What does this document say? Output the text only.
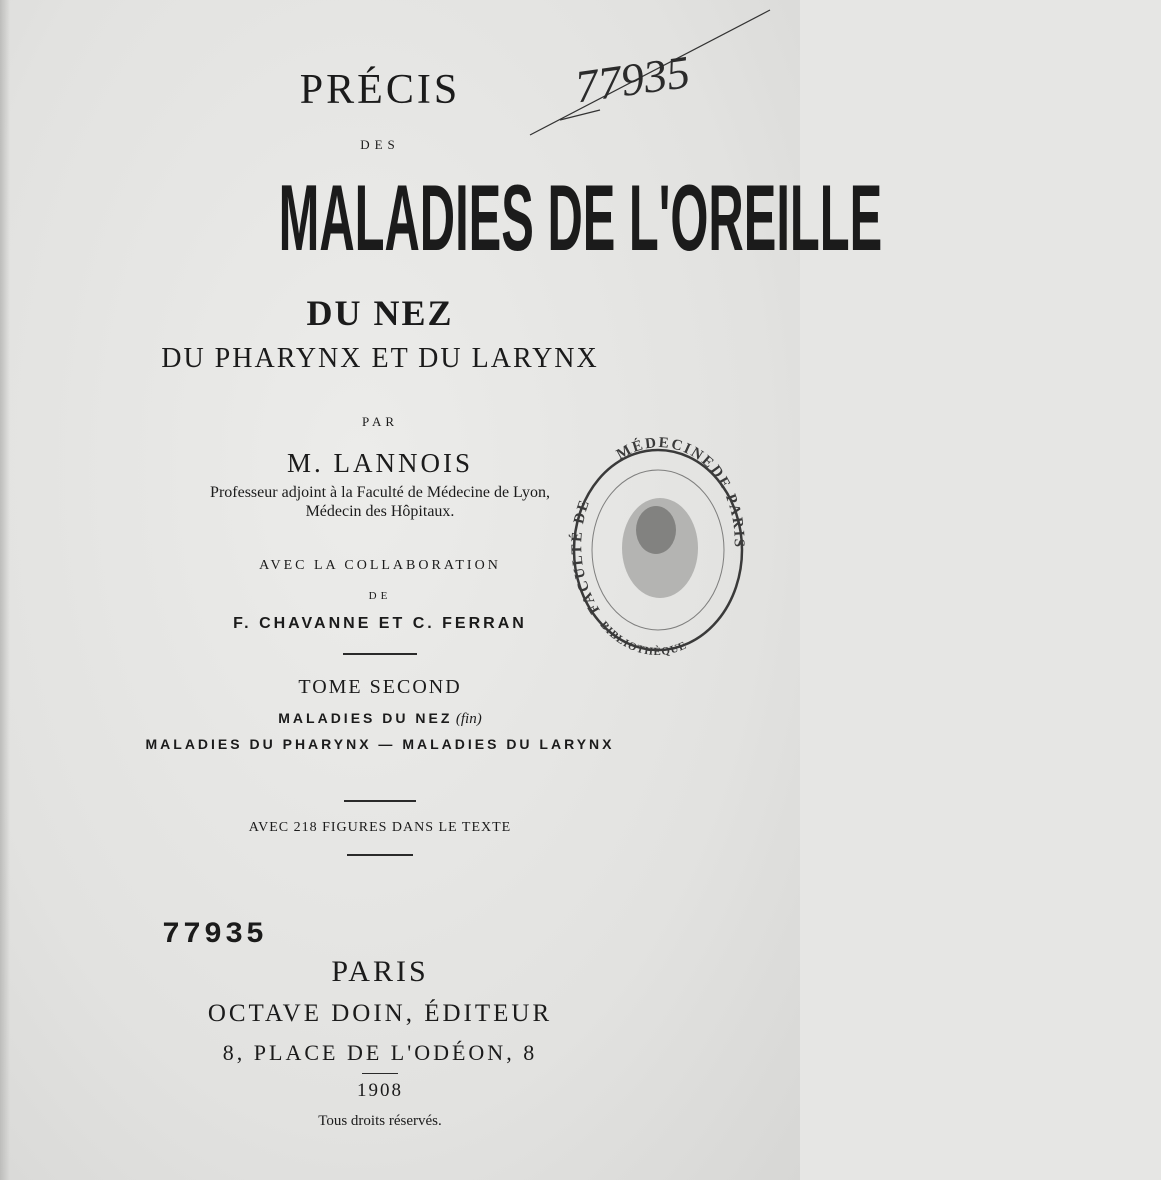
77935
PRÉCIS
DES
MALADIES DE L'OREILLE
DU NEZ
DU PHARYNX ET DU LARYNX
PAR
M. LANNOIS
Professeur adjoint à la Faculté de Médecine de Lyon,
Médecin des Hôpitaux.
AVEC LA COLLABORATION
DE
F. CHAVANNE ET C. FERRAN
TOME SECOND
MALADIES DU NEZ (fin)
MALADIES DU PHARYNX — MALADIES DU LARYNX
AVEC 218 FIGURES DANS LE TEXTE
77935
FACULTÉ DE
MÉDECINE
DE PARIS
BIBLIOTHÈQUE
PARIS
OCTAVE DOIN, ÉDITEUR
8, PLACE DE L'ODÉON, 8
1908
Tous droits réservés.
